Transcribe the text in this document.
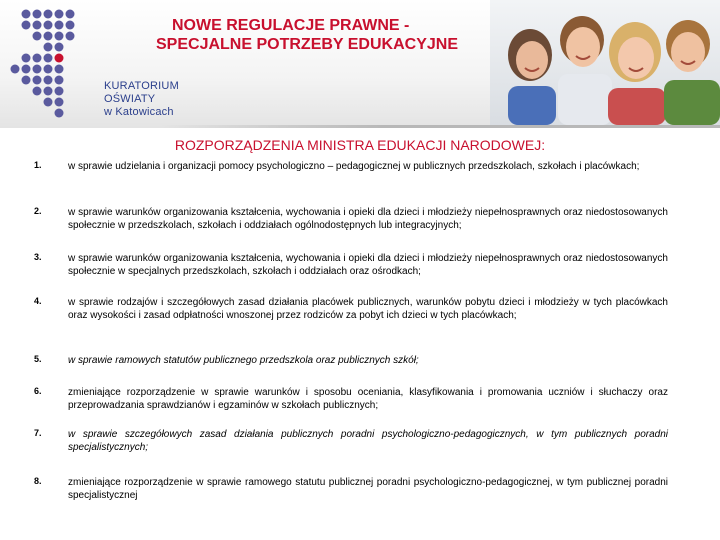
KURATORIUM
OŚWIATY
w Katowicach
NOWE REGULACJE PRAWNE -
SPECJALNE POTRZEBY EDUKACYJNE
ROZPORZĄDZENIA MINISTRA EDUKACJI NARODOWEJ:
1.	w sprawie udzielania i organizacji pomocy psychologiczno – pedagogicznej w publicznych przedszkolach, szkołach i placówkach;
2.	w sprawie warunków organizowania kształcenia, wychowania i opieki dla dzieci i młodzieży niepełnosprawnych oraz niedostosowanych społecznie w przedszkolach, szkołach i oddziałach ogólnodostępnych lub integracyjnych;
3.	w sprawie warunków organizowania kształcenia, wychowania i opieki dla dzieci i młodzieży niepełnosprawnych oraz niedostosowanych społecznie w specjalnych przedszkolach, szkołach i oddziałach oraz ośrodkach;
4.	w sprawie rodzajów i szczegółowych zasad działania placówek publicznych, warunków pobytu dzieci i młodzieży w tych placówkach oraz wysokości i zasad odpłatności wnoszonej przez rodziców za pobyt ich dzieci w tych placówkach;
5.	w sprawie ramowych statutów publicznego przedszkola oraz publicznych szkół;
6.	zmieniające rozporządzenie w sprawie warunków i sposobu oceniania, klasyfikowania i promowania uczniów i słuchaczy oraz przeprowadzania sprawdzianów i egzaminów w szkołach publicznych;
7.	w sprawie szczegółowych zasad działania publicznych poradni psychologiczno-pedagogicznych, w tym publicznych poradni specjalistycznych;
8.	zmieniające rozporządzenie w sprawie ramowego statutu publicznej poradni psychologiczno-pedagogicznej, w tym publicznej poradni specjalistycznej
